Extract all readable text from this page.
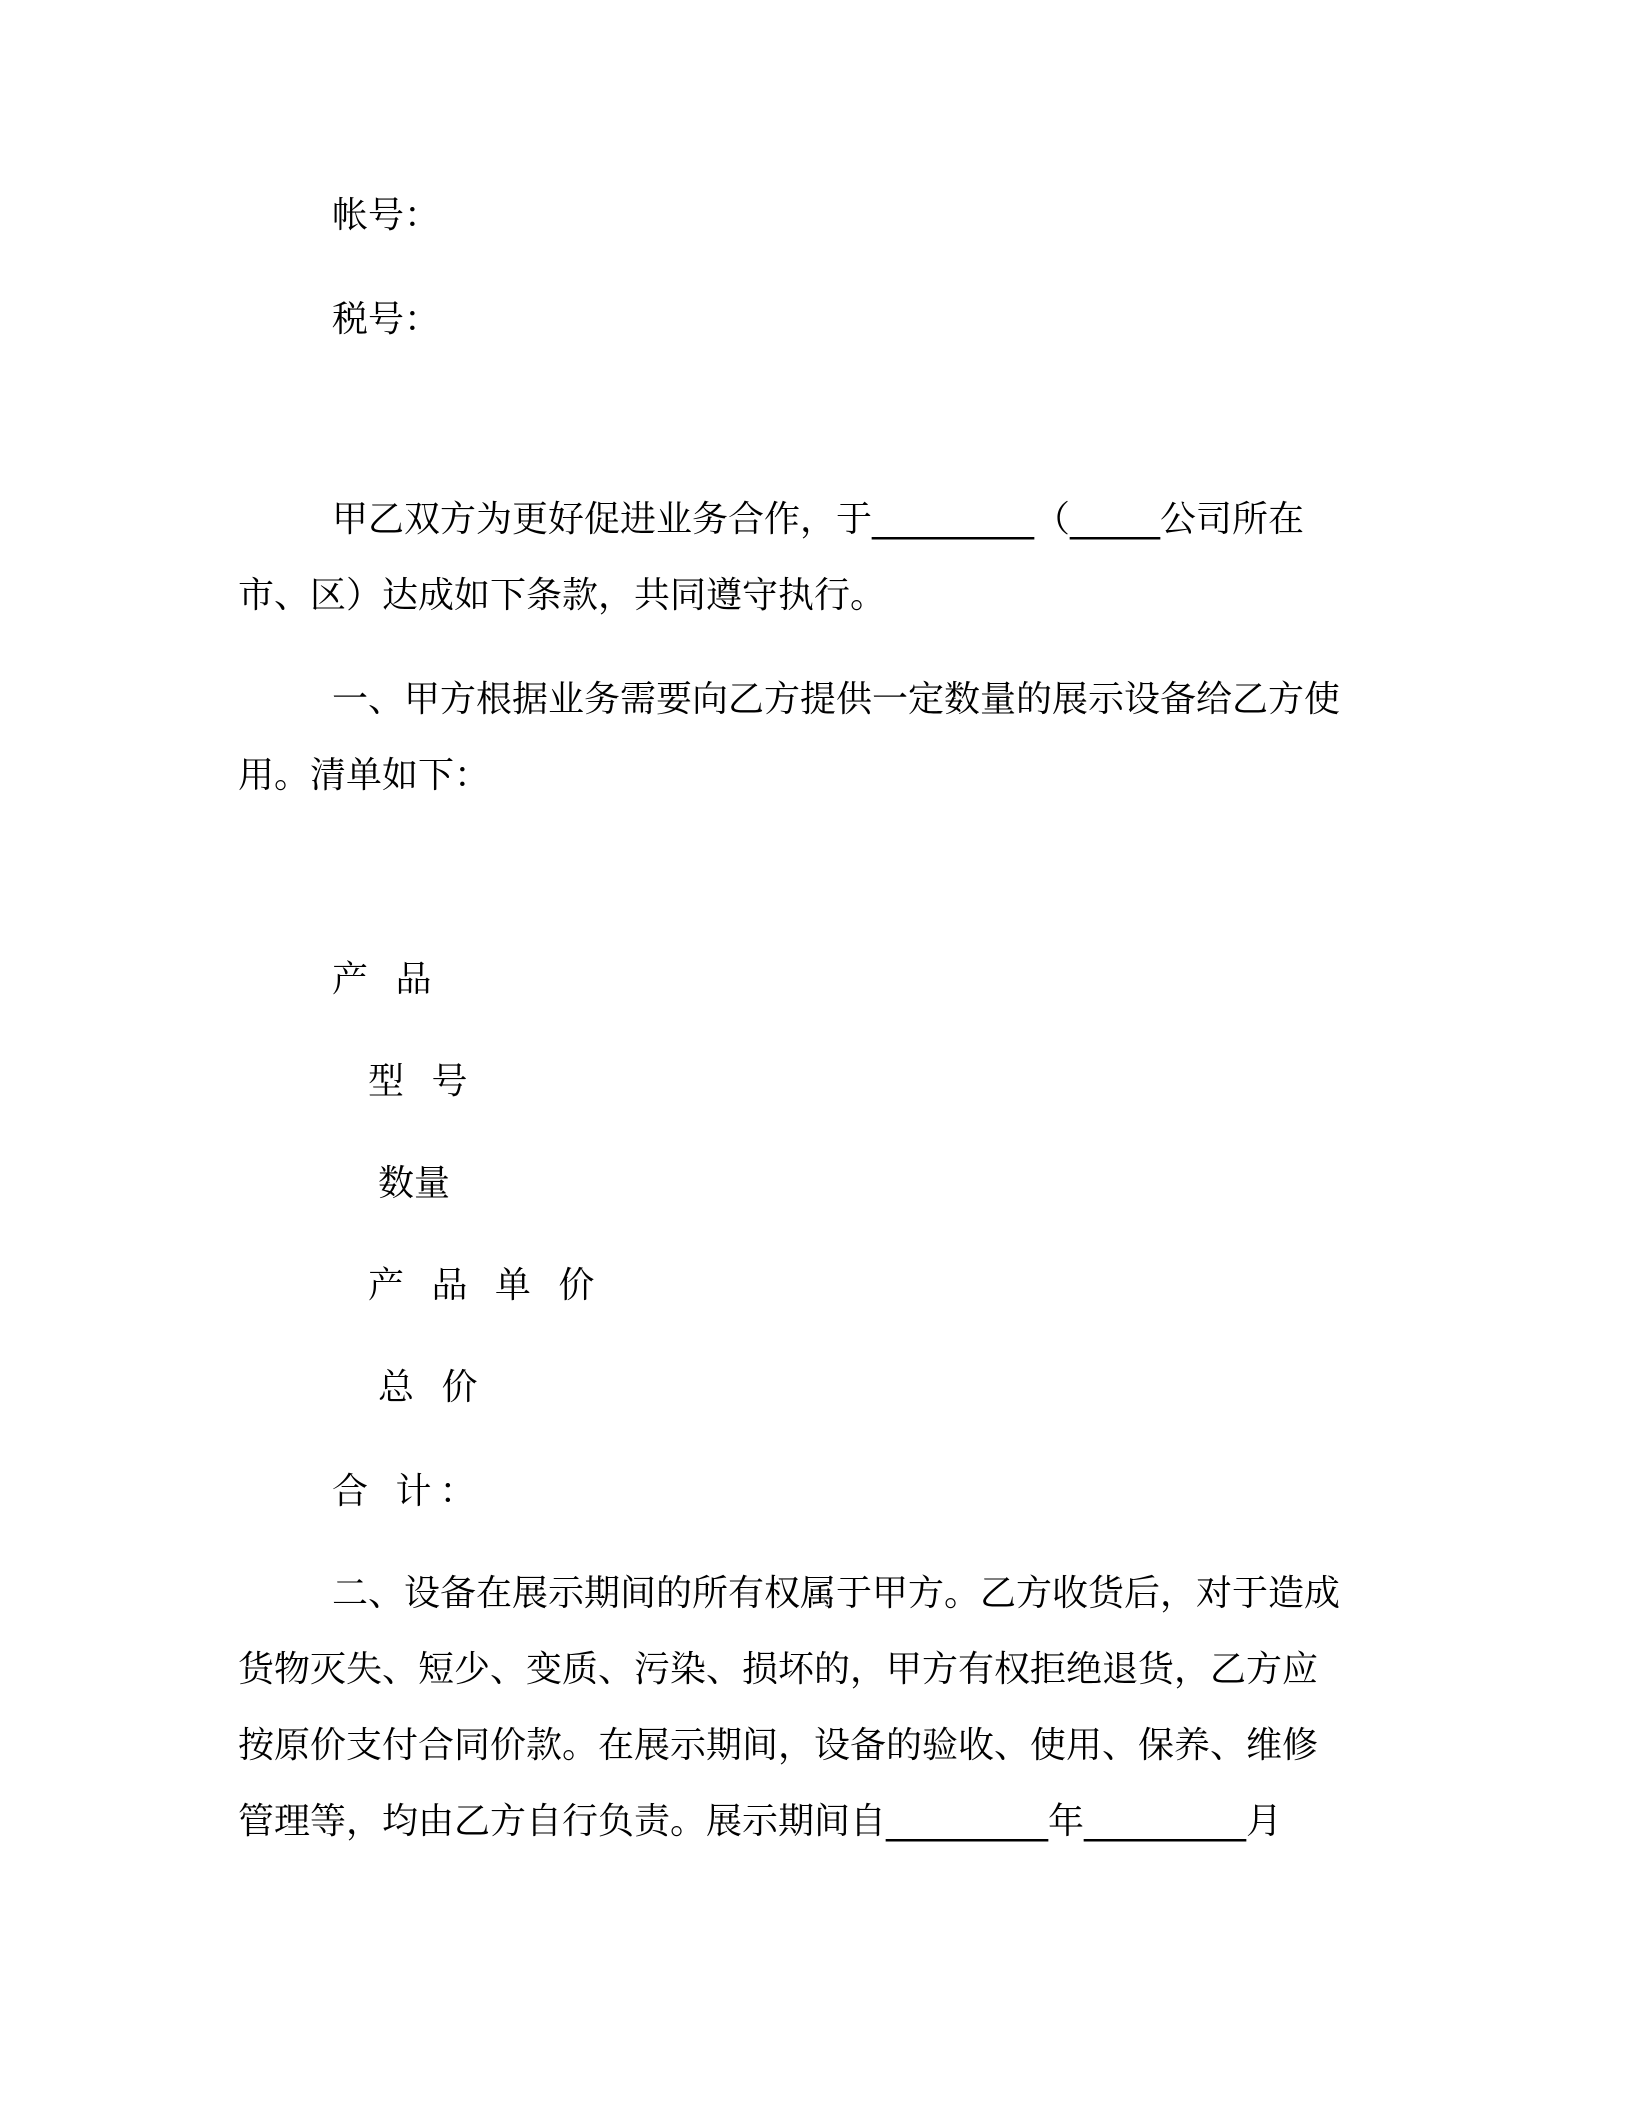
帐号：
税号：
甲乙双方为更好促进业务合作，于_________（_____公司所在
市、区）达成如下条款，共同遵守执行。
一、甲方根据业务需要向乙方提供一定数量的展示设备给乙方使
用。清单如下：
产 品
型 号
数量
产 品 单 价
总 价
合 计：
二、设备在展示期间的所有权属于甲方。乙方收货后，对于造成
货物灭失、短少、变质、污染、损坏的，甲方有权拒绝退货，乙方应
按原价支付合同价款。在展示期间，设备的验收、使用、保养、维修
管理等，均由乙方自行负责。展示期间自_________年_________月
